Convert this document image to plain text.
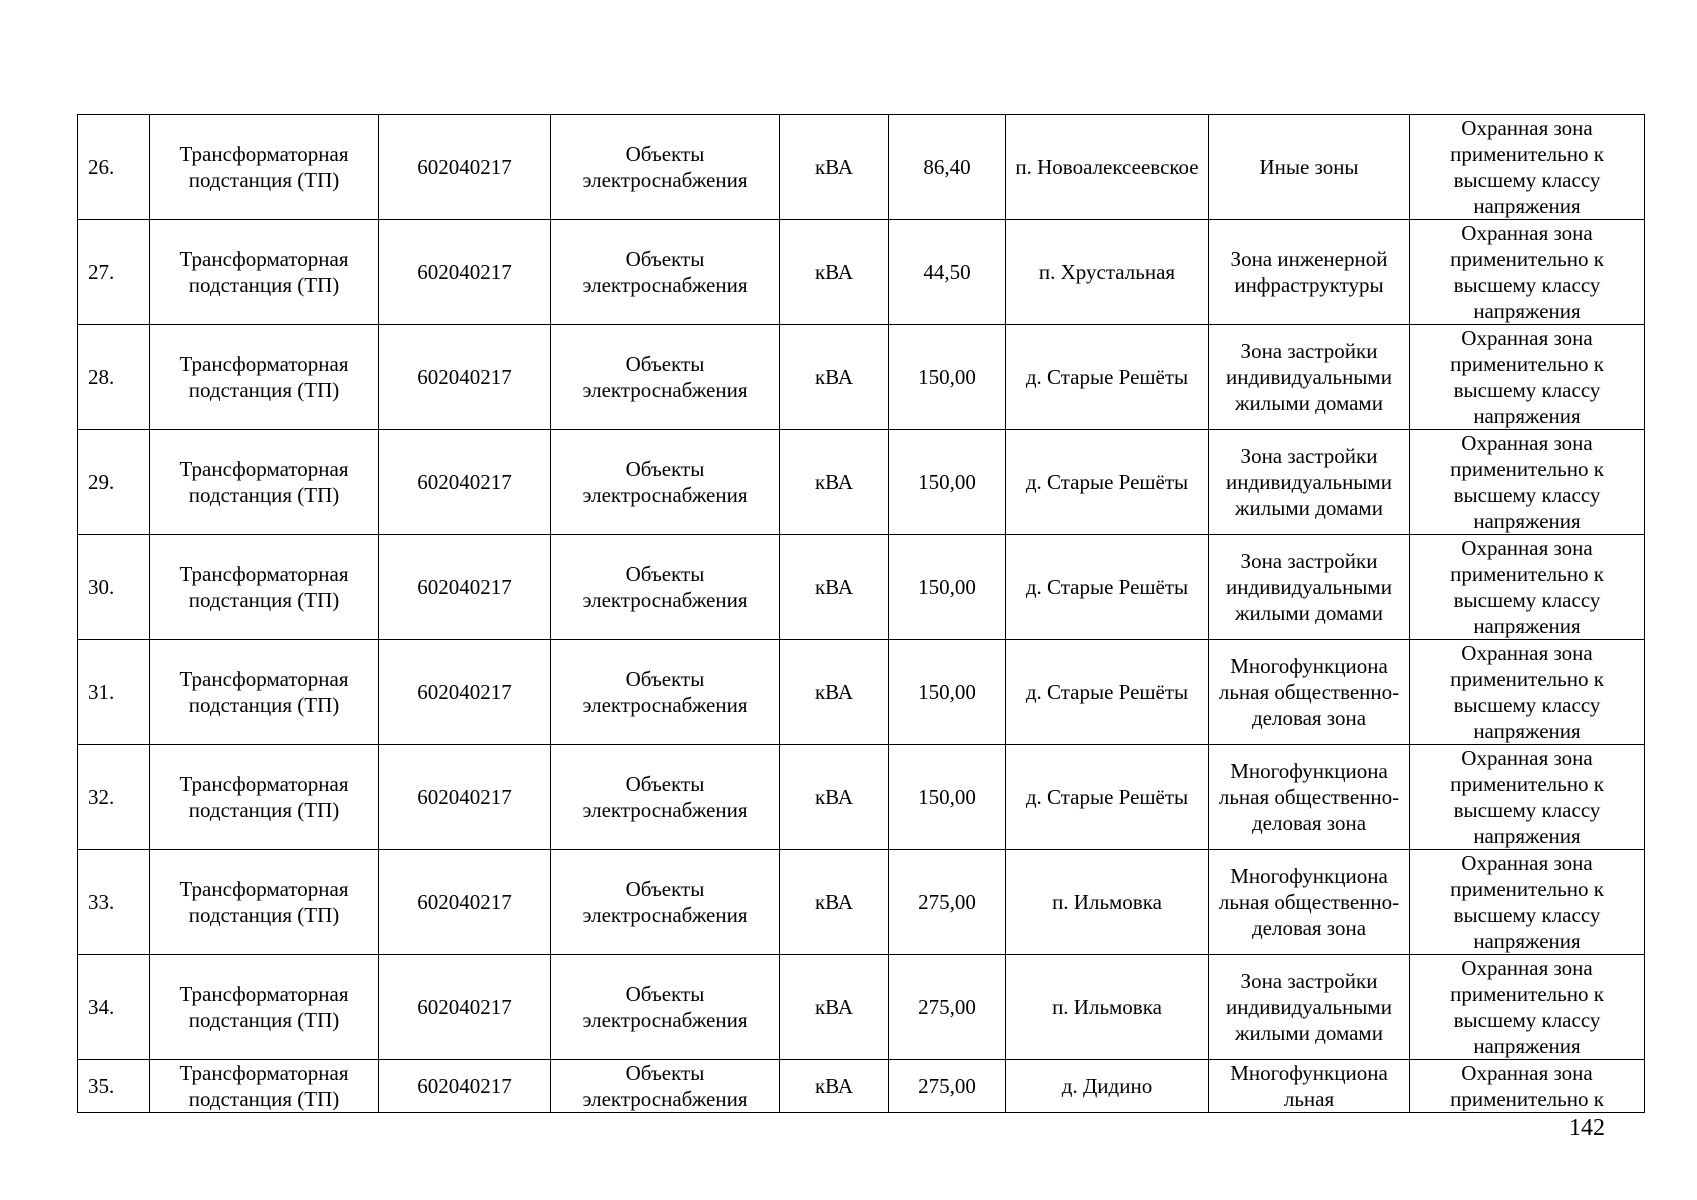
26.	Трансформаторная подстанция (ТП)	602040217	Объекты электроснабжения	кВА	86,40	п. Новоалексеевское	Иные зоны	Охранная зона применительно к высшему классу напряжения
27.	Трансформаторная подстанция (ТП)	602040217	Объекты электроснабжения	кВА	44,50	п. Хрустальная	Зона инженерной инфраструктуры	Охранная зона применительно к высшему классу напряжения
28.	Трансформаторная подстанция (ТП)	602040217	Объекты электроснабжения	кВА	150,00	д. Старые Решёты	Зона застройки индивидуальными жилыми домами	Охранная зона применительно к высшему классу напряжения
29.	Трансформаторная подстанция (ТП)	602040217	Объекты электроснабжения	кВА	150,00	д. Старые Решёты	Зона застройки индивидуальными жилыми домами	Охранная зона применительно к высшему классу напряжения
30.	Трансформаторная подстанция (ТП)	602040217	Объекты электроснабжения	кВА	150,00	д. Старые Решёты	Зона застройки индивидуальными жилыми домами	Охранная зона применительно к высшему классу напряжения
31.	Трансформаторная подстанция (ТП)	602040217	Объекты электроснабжения	кВА	150,00	д. Старые Решёты	Многофункциона льная общественно-деловая зона	Охранная зона применительно к высшему классу напряжения
32.	Трансформаторная подстанция (ТП)	602040217	Объекты электроснабжения	кВА	150,00	д. Старые Решёты	Многофункциона льная общественно-деловая зона	Охранная зона применительно к высшему классу напряжения
33.	Трансформаторная подстанция (ТП)	602040217	Объекты электроснабжения	кВА	275,00	п. Ильмовка	Многофункциона льная общественно-деловая зона	Охранная зона применительно к высшему классу напряжения
34.	Трансформаторная подстанция (ТП)	602040217	Объекты электроснабжения	кВА	275,00	п. Ильмовка	Зона застройки индивидуальными жилыми домами	Охранная зона применительно к высшему классу напряжения
35.	Трансформаторная подстанция (ТП)	602040217	Объекты электроснабжения	кВА	275,00	д. Дидино	Многофункциона льная	Охранная зона применительно к
142
